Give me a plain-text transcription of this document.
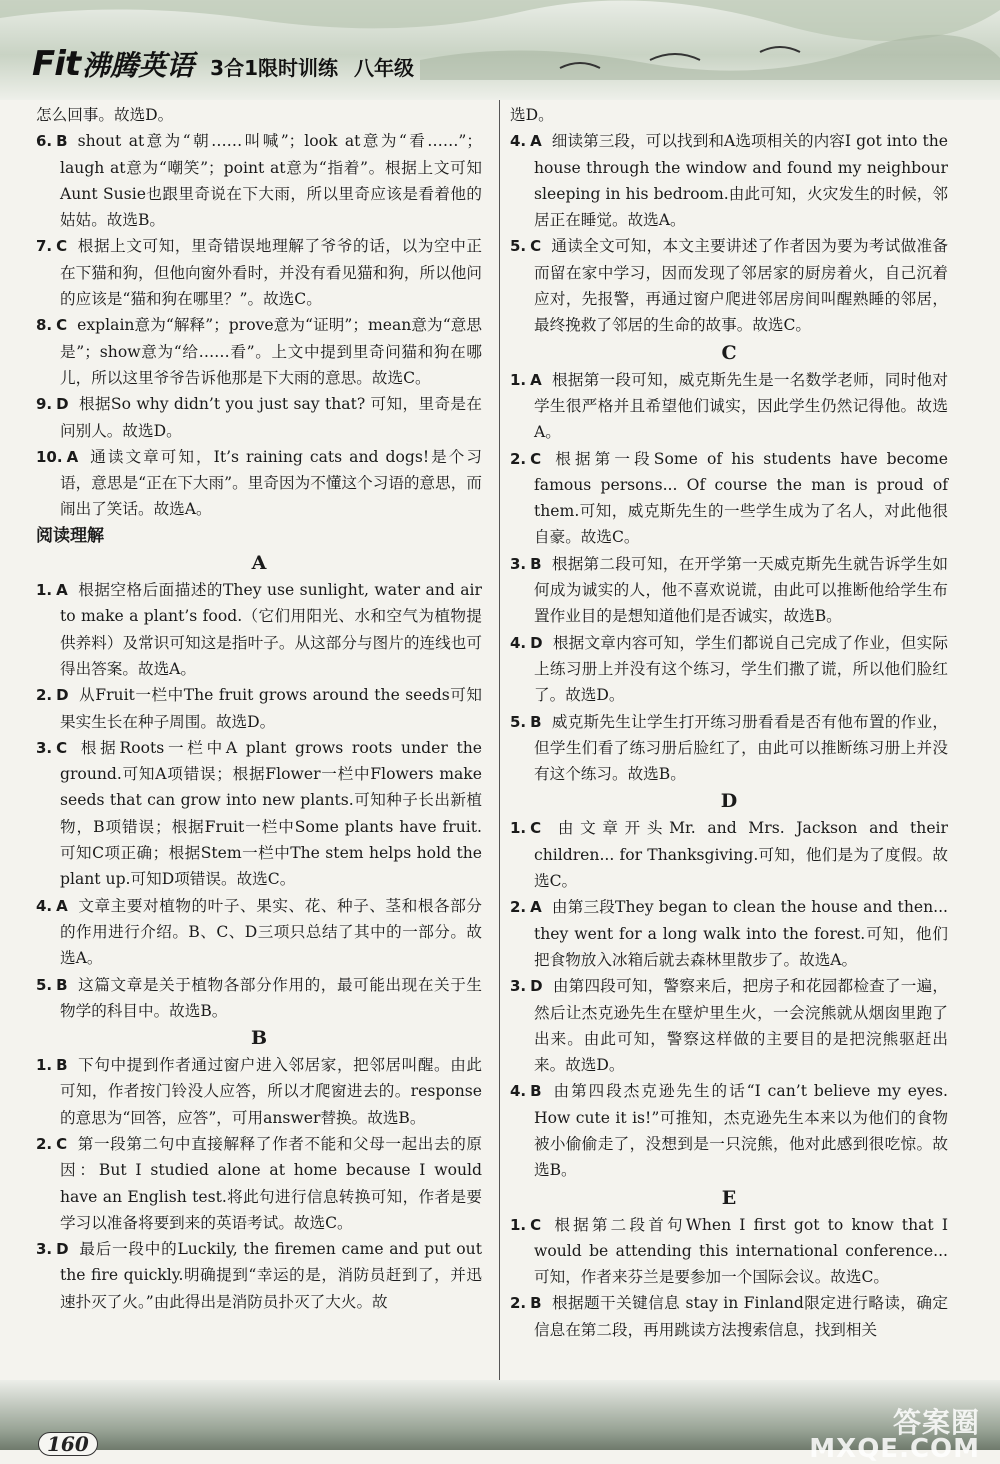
Fit 沸腾英语 3合1限时训练 八年级

怎么回事。故选D。

6. B shout at意为“朝……叫喊”；look at意为“看……”；laugh at意为“嘲笑”；point at意为“指着”。根据上文可知Aunt Susie也跟里奇说在下大雨，所以里奇应该是看着他的姑姑。故选B。

7. C 根据上文可知，里奇错误地理解了爷爷的话，以为空中正在下猫和狗，但他向窗外看时，并没有看见猫和狗，所以他问的应该是“猫和狗在哪里？”。故选C。

8. C explain意为“解释”；prove意为“证明”；mean意为“意思是”；show意为“给……看”。上文中提到里奇问猫和狗在哪儿，所以这里爷爷告诉他那是下大雨的意思。故选C。

9. D 根据So why didn’t you just say that? 可知，里奇是在问别人。故选D。

10. A 通读文章可知，It’s raining cats and dogs!是个习语，意思是“正在下大雨”。里奇因为不懂这个习语的意思，而闹出了笑话。故选A。

阅读理解

A

1. A 根据空格后面描述的They use sunlight, water and air to make a plant’s food.（它们用阳光、水和空气为植物提供养料）及常识可知这是指叶子。从这部分与图片的连线也可得出答案。故选A。

2. D 从Fruit一栏中The fruit grows around the seeds可知果实生长在种子周围。故选D。

3. C 根据Roots一栏中A plant grows roots under the ground.可知A项错误；根据Flower一栏中Flowers make seeds that can grow into new plants.可知种子长出新植物，B项错误；根据Fruit一栏中Some plants have fruit.可知C项正确；根据Stem一栏中The stem helps hold the plant up.可知D项错误。故选C。

4. A 文章主要对植物的叶子、果实、花、种子、茎和根各部分的作用进行介绍。B、C、D三项只总结了其中的一部分。故选A。

5. B 这篇文章是关于植物各部分作用的，最可能出现在关于生物学的科目中。故选B。

B

1. B 下句中提到作者通过窗户进入邻居家，把邻居叫醒。由此可知，作者按门铃没人应答，所以才爬窗进去的。response的意思为“回答，应答”，可用answer替换。故选B。

2. C 第一段第二句中直接解释了作者不能和父母一起出去的原因：But I studied alone at home because I would have an English test.将此句进行信息转换可知，作者是要学习以准备将要到来的英语考试。故选C。

3. D 最后一段中的Luckily, the firemen came and put out the fire quickly.明确提到“幸运的是，消防员赶到了，并迅速扑灭了火。”由此得出是消防员扑灭了大火。故

选D。

4. A 细读第三段，可以找到和A选项相关的内容I got into the house through the window and found my neighbour sleeping in his bedroom.由此可知，火灾发生的时候，邻居正在睡觉。故选A。

5. C 通读全文可知，本文主要讲述了作者因为要为考试做准备而留在家中学习，因而发现了邻居家的厨房着火，自己沉着应对，先报警，再通过窗户爬进邻居房间叫醒熟睡的邻居，最终挽救了邻居的生命的故事。故选C。

C

1. A 根据第一段可知，威克斯先生是一名数学老师，同时他对学生很严格并且希望他们诚实，因此学生仍然记得他。故选A。

2. C 根据第一段Some of his students have become famous persons... Of course the man is proud of them.可知，威克斯先生的一些学生成为了名人，对此他很自豪。故选C。

3. B 根据第二段可知，在开学第一天威克斯先生就告诉学生如何成为诚实的人，他不喜欢说谎，由此可以推断他给学生布置作业目的是想知道他们是否诚实，故选B。

4. D 根据文章内容可知，学生们都说自己完成了作业，但实际上练习册上并没有这个练习，学生们撒了谎，所以他们脸红了。故选D。

5. B 威克斯先生让学生打开练习册看看是否有他布置的作业，但学生们看了练习册后脸红了，由此可以推断练习册上并没有这个练习。故选B。

D

1. C 由文章开头Mr. and Mrs. Jackson and their children... for Thanksgiving.可知，他们是为了度假。故选C。

2. A 由第三段They began to clean the house and then... they went for a long walk into the forest.可知，他们把食物放入冰箱后就去森林里散步了。故选A。

3. D 由第四段可知，警察来后，把房子和花园都检查了一遍，然后让杰克逊先生在壁炉里生火，一会浣熊就从烟囱里跑了出来。由此可知，警察这样做的主要目的是把浣熊驱赶出来。故选D。

4. B 由第四段杰克逊先生的话“I can’t believe my eyes. How cute it is!”可推知，杰克逊先生本来以为他们的食物被小偷偷走了，没想到是一只浣熊，他对此感到很吃惊。故选B。

E

1. C 根据第二段首句When I first got to know that I would be attending this international conference...可知，作者来芬兰是要参加一个国际会议。故选C。

2. B 根据题干关键信息 stay in Finland限定进行略读，确定信息在第二段，再用跳读方法搜索信息，找到相关

160
答案圈
MXQE.COM
